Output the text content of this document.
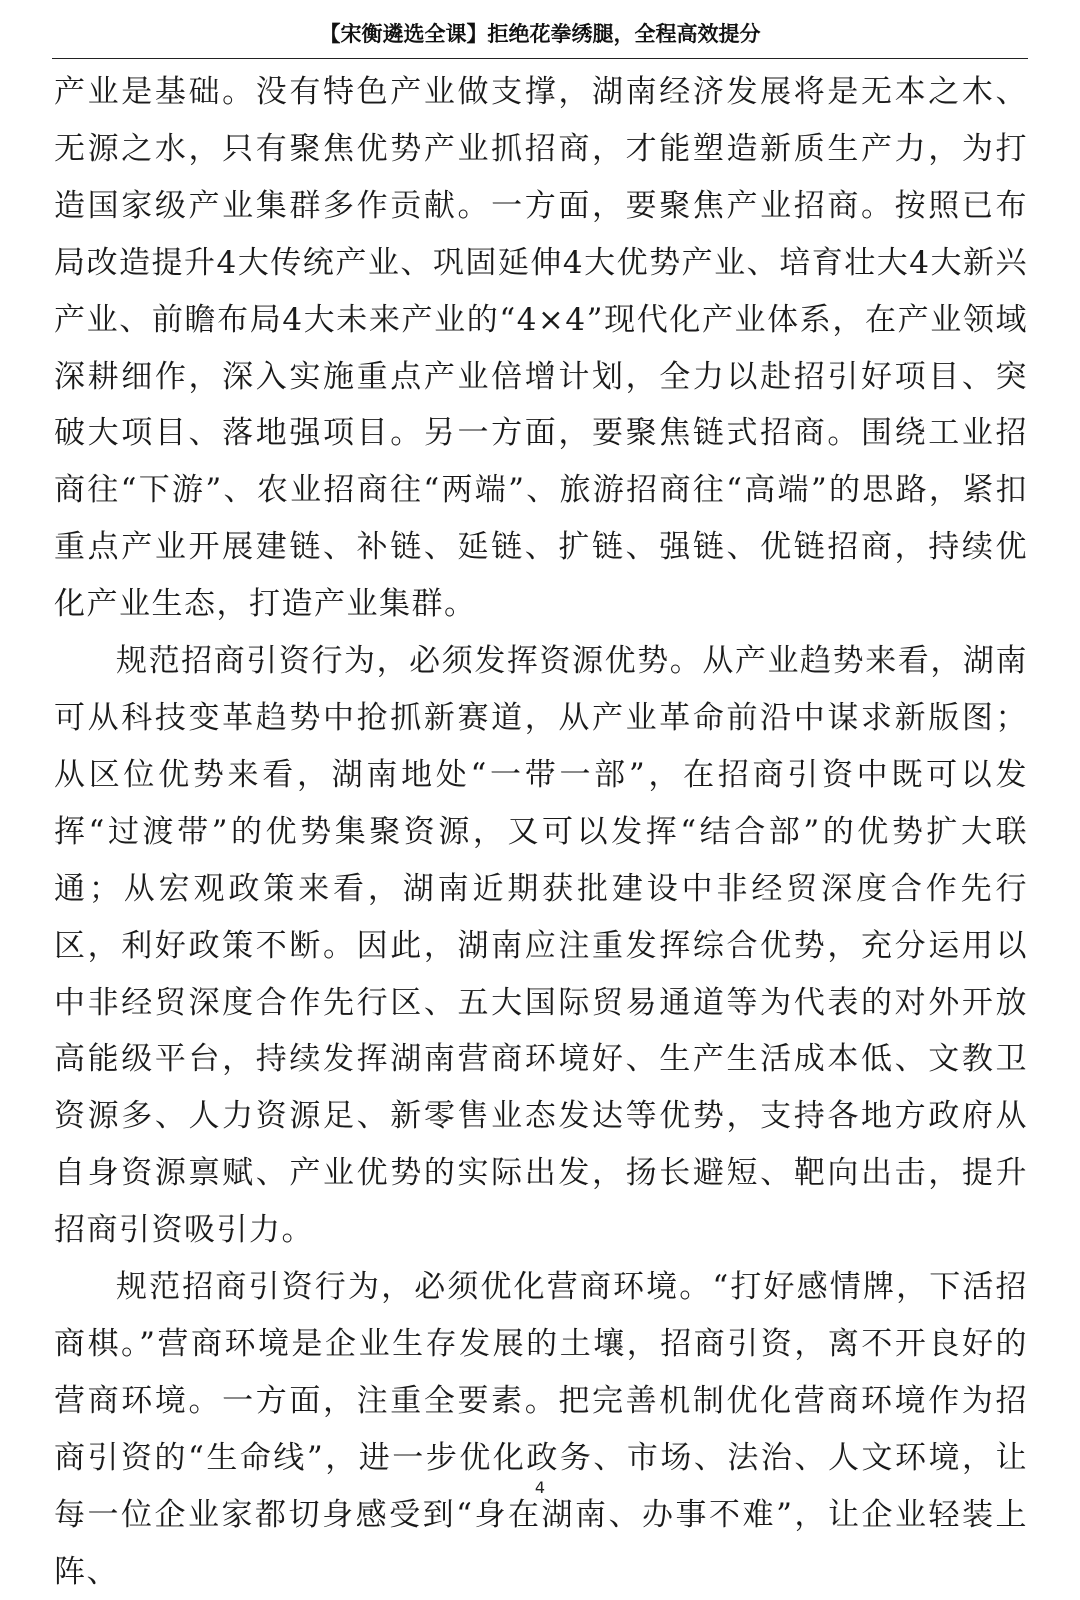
【宋衡遴选全课】拒绝花拳绣腿，全程高效提分

产业是基础。没有特色产业做支撑，湖南经济发展将是无本之木、无源之水，只有聚焦优势产业抓招商，才能塑造新质生产力，为打造国家级产业集群多作贡献。一方面，要聚焦产业招商。按照已布局改造提升4大传统产业、巩固延伸4大优势产业、培育壮大4大新兴产业、前瞻布局4大未来产业的“4×4”现代化产业体系，在产业领域深耕细作，深入实施重点产业倍增计划，全力以赴招引好项目、突破大项目、落地强项目。另一方面，要聚焦链式招商。围绕工业招商往“下游”、农业招商往“两端”、旅游招商往“高端”的思路，紧扣重点产业开展建链、补链、延链、扩链、强链、优链招商，持续优化产业生态，打造产业集群。

规范招商引资行为，必须发挥资源优势。从产业趋势来看，湖南可从科技变革趋势中抢抓新赛道，从产业革命前沿中谋求新版图；从区位优势来看，湖南地处“一带一部”，在招商引资中既可以发挥“过渡带”的优势集聚资源，又可以发挥“结合部”的优势扩大联通；从宏观政策来看，湖南近期获批建设中非经贸深度合作先行区，利好政策不断。因此，湖南应注重发挥综合优势，充分运用以中非经贸深度合作先行区、五大国际贸易通道等为代表的对外开放高能级平台，持续发挥湖南营商环境好、生产生活成本低、文教卫资源多、人力资源足、新零售业态发达等优势，支持各地方政府从自身资源禀赋、产业优势的实际出发，扬长避短、靶向出击，提升招商引资吸引力。

规范招商引资行为，必须优化营商环境。“打好感情牌，下活招商棋。”营商环境是企业生存发展的土壤，招商引资，离不开良好的营商环境。一方面，注重全要素。把完善机制优化营商环境作为招商引资的“生命线”，进一步优化政务、市场、法治、人文环境，让每一位企业家都切身感受到“身在湖南、办事不难”，让企业轻装上阵、

4
